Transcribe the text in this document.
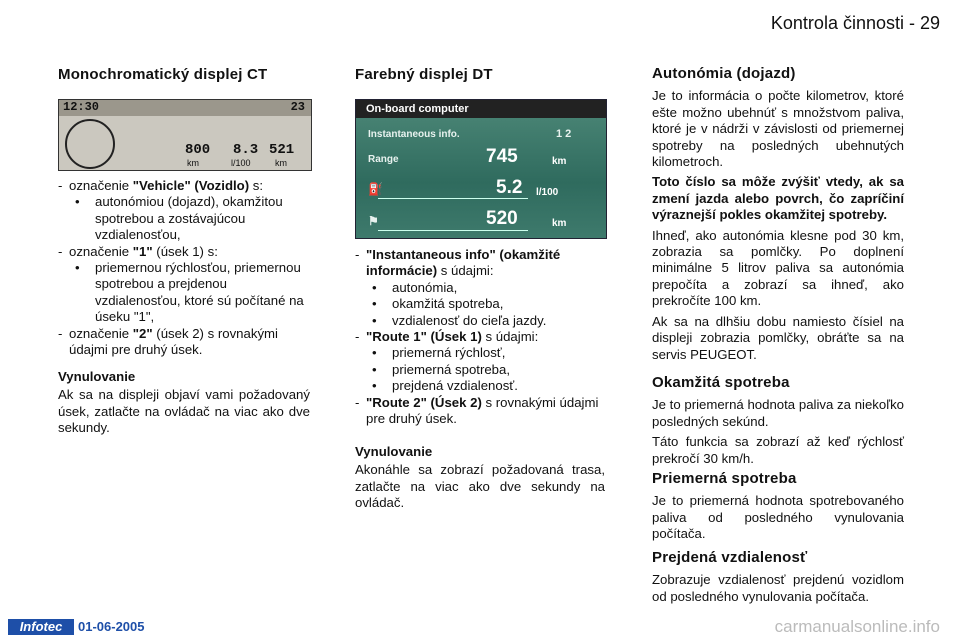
Kontrola činnosti - 29
Monochromatický displej CT
12:30	23
800 8.3 521
km	l/100	km
- označenie "Vehicle" (Vozidlo) s:
• autonómiou (dojazd), okamžitou spotrebou a zostávajúcou vzdialenosťou,
- označenie "1" (úsek 1) s:
• priemernou rýchlosťou, priemernou spotrebou a prejdenou vzdialenosťou, ktoré sú počítané na úseku "1",
- označenie "2" (úsek 2) s rovnakými údajmi pre druhý úsek.
Vynulovanie

Ak sa na displeji objaví vami požadovaný úsek, zatlačte na ovládač na viac ako dve sekundy.

Farebný displej DT
On-board computer
Instantaneous info.	1 2
Range	745	km
⛽	5.2 l/100
⚑	520	km
- "Instantaneous info" (okamžité informácie) s údajmi:
• autonómia,
• okamžitá spotreba,
• vzdialenosť do cieľa jazdy.
- "Route 1" (Úsek 1) s údajmi:
• priemerná rýchlosť,
• priemerná spotreba,
• prejdená vzdialenosť.
- "Route 2" (Úsek 2) s rovnakými údajmi pre druhý úsek.
Vynulovanie

Akonáhle sa zobrazí požadovaná trasa, zatlačte na viac ako dve sekundy na ovládač.

Autonómia (dojazd)

Je to informácia o počte kilometrov, ktoré ešte možno ubehnúť s množstvom paliva, ktoré je v nádrži v závislosti od priemernej spotreby na posledných ubehnutých kilometroch.

Toto číslo sa môže zvýšiť vtedy, ak sa zmení jazda alebo povrch, čo zapríčiní výraznejší pokles okamžitej spotreby.

Ihneď, ako autonómia klesne pod 30 km, zobrazia sa pomlčky. Po doplnení minimálne 5 litrov paliva sa autonómia prepočíta a zobrazí sa ihneď, ako prekročíte 100 km.

Ak sa na dlhšiu dobu namiesto čísiel na displeji zobrazia pomlčky, obráťte sa na servis PEUGEOT.

Okamžitá spotreba

Je to priemerná hodnota paliva za niekoľko posledných sekúnd.

Táto funkcia sa zobrazí až keď rýchlosť prekročí 30 km/h.

Priemerná spotreba

Je to priemerná hodnota spotrebovaného paliva od posledného vynulovania počítača.

Prejdená vzdialenosť

Zobrazuje vzdialenosť prejdenú vozidlom od posledného vynulovania počítača.

Infotec	01-06-2005	carmanualsonline.info
